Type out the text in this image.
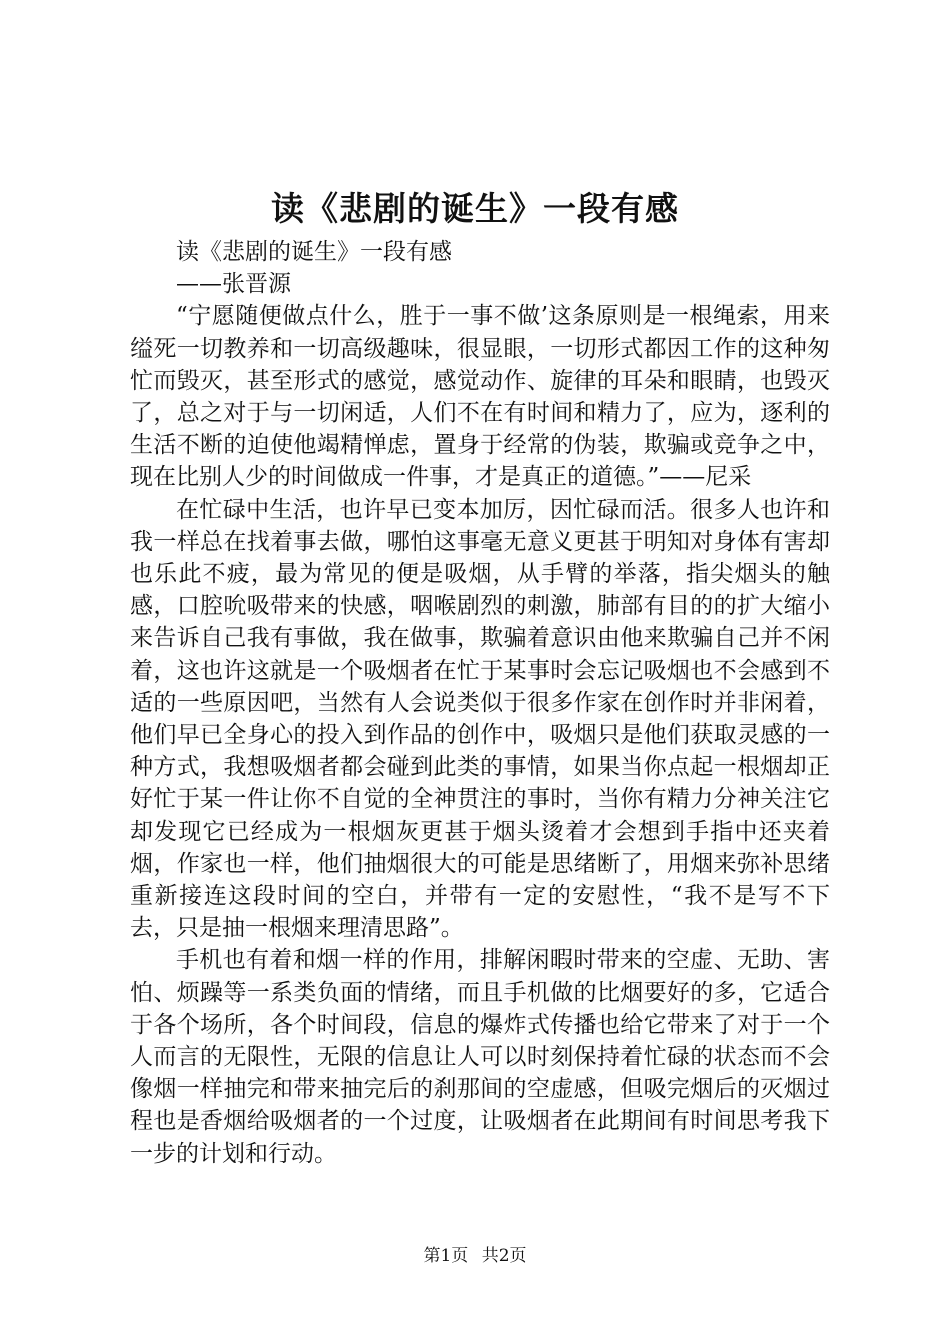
读《悲剧的诞生》一段有感

读《悲剧的诞生》一段有感

——张晋源

“宁愿随便做点什么，胜于一事不做’这条原则是一根绳索，用来缢死一切教养和一切高级趣味，很显眼，一切形式都因工作的这种匆忙而毁灭，甚至形式的感觉，感觉动作、旋律的耳朵和眼睛，也毁灭了，总之对于与一切闲适，人们不在有时间和精力了，应为，逐利的生活不断的迫使他竭精惮虑，置身于经常的伪装，欺骗或竞争之中，现在比别人少的时间做成一件事，才是真正的道德。”——尼采

在忙碌中生活，也许早已变本加厉，因忙碌而活。很多人也许和我一样总在找着事去做，哪怕这事毫无意义更甚于明知对身体有害却也乐此不疲，最为常见的便是吸烟，从手臂的举落，指尖烟头的触感，口腔吮吸带来的快感，咽喉剧烈的刺激，肺部有目的的扩大缩小来告诉自己我有事做，我在做事，欺骗着意识由他来欺骗自己并不闲着，这也许这就是一个吸烟者在忙于某事时会忘记吸烟也不会感到不适的一些原因吧，当然有人会说类似于很多作家在创作时并非闲着，他们早已全身心的投入到作品的创作中，吸烟只是他们获取灵感的一种方式，我想吸烟者都会碰到此类的事情，如果当你点起一根烟却正好忙于某一件让你不自觉的全神贯注的事时，当你有精力分神关注它却发现它已经成为一根烟灰更甚于烟头烫着才会想到手指中还夹着烟，作家也一样，他们抽烟很大的可能是思绪断了，用烟来弥补思绪重新接连这段时间的空白，并带有一定的安慰性，“我不是写不下去，只是抽一根烟来理清思路”。

手机也有着和烟一样的作用，排解闲暇时带来的空虚、无助、害怕、烦躁等一系类负面的情绪，而且手机做的比烟要好的多，它适合于各个场所，各个时间段，信息的爆炸式传播也给它带来了对于一个人而言的无限性，无限的信息让人可以时刻保持着忙碌的状态而不会像烟一样抽完和带来抽完后的刹那间的空虚感，但吸完烟后的灭烟过程也是香烟给吸烟者的一个过度，让吸烟者在此期间有时间思考我下一步的计划和行动。

第1页 共2页
